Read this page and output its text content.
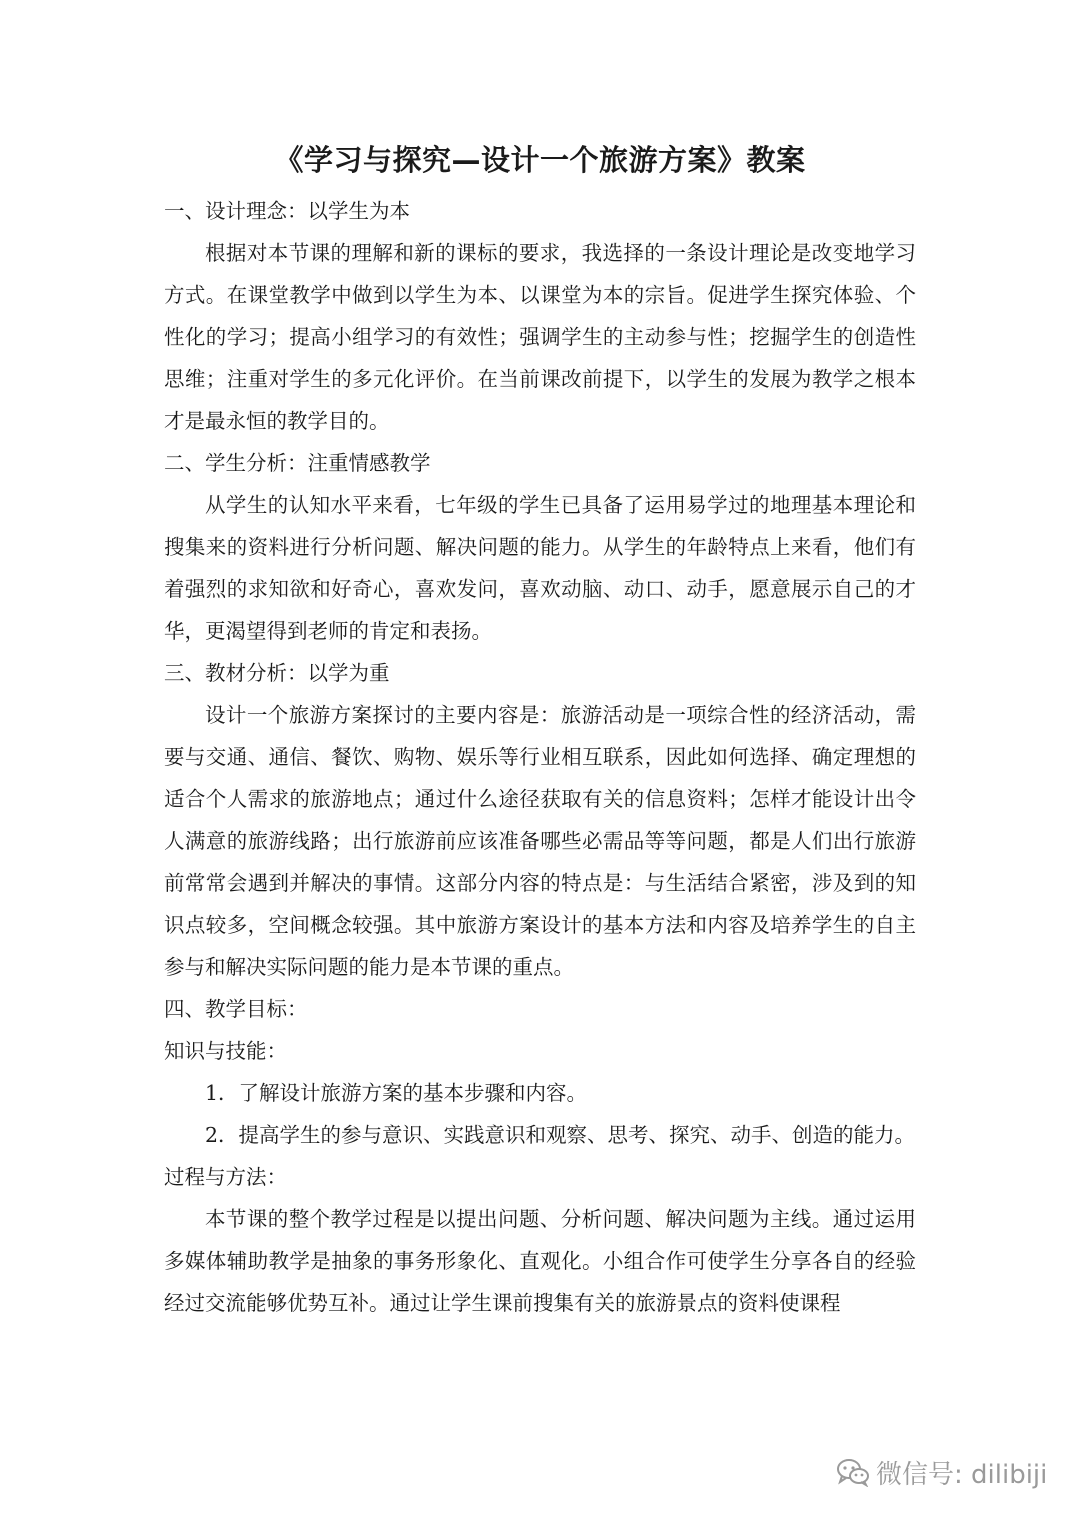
《学习与探究—设计一个旅游方案》教案

一、设计理念：以学生为本

根据对本节课的理解和新的课标的要求，我选择的一条设计理论是改变地学习方式。在课堂教学中做到以学生为本、以课堂为本的宗旨。促进学生探究体验、个性化的学习；提高小组学习的有效性；强调学生的主动参与性；挖掘学生的创造性思维；注重对学生的多元化评价。在当前课改前提下，以学生的发展为教学之根本才是最永恒的教学目的。

二、学生分析：注重情感教学

从学生的认知水平来看，七年级的学生已具备了运用易学过的地理基本理论和搜集来的资料进行分析问题、解决问题的能力。从学生的年龄特点上来看，他们有着强烈的求知欲和好奇心，喜欢发问，喜欢动脑、动口、动手，愿意展示自己的才华，更渴望得到老师的肯定和表扬。

三、教材分析：以学为重

设计一个旅游方案探讨的主要内容是：旅游活动是一项综合性的经济活动，需要与交通、通信、餐饮、购物、娱乐等行业相互联系，因此如何选择、确定理想的适合个人需求的旅游地点；通过什么途径获取有关的信息资料；怎样才能设计出令人满意的旅游线路；出行旅游前应该准备哪些必需品等等问题，都是人们出行旅游前常常会遇到并解决的事情。这部分内容的特点是：与生活结合紧密，涉及到的知识点较多，空间概念较强。其中旅游方案设计的基本方法和内容及培养学生的自主参与和解决实际问题的能力是本节课的重点。

四、教学目标：

知识与技能：

1．了解设计旅游方案的基本步骤和内容。

2．提高学生的参与意识、实践意识和观察、思考、探究、动手、创造的能力。

过程与方法：

本节课的整个教学过程是以提出问题、分析问题、解决问题为主线。通过运用多媒体辅助教学是抽象的事务形象化、直观化。小组合作可使学生分享各自的经验经过交流能够优势互补。通过让学生课前搜集有关的旅游景点的资料使课程

微信号: dilibiji
